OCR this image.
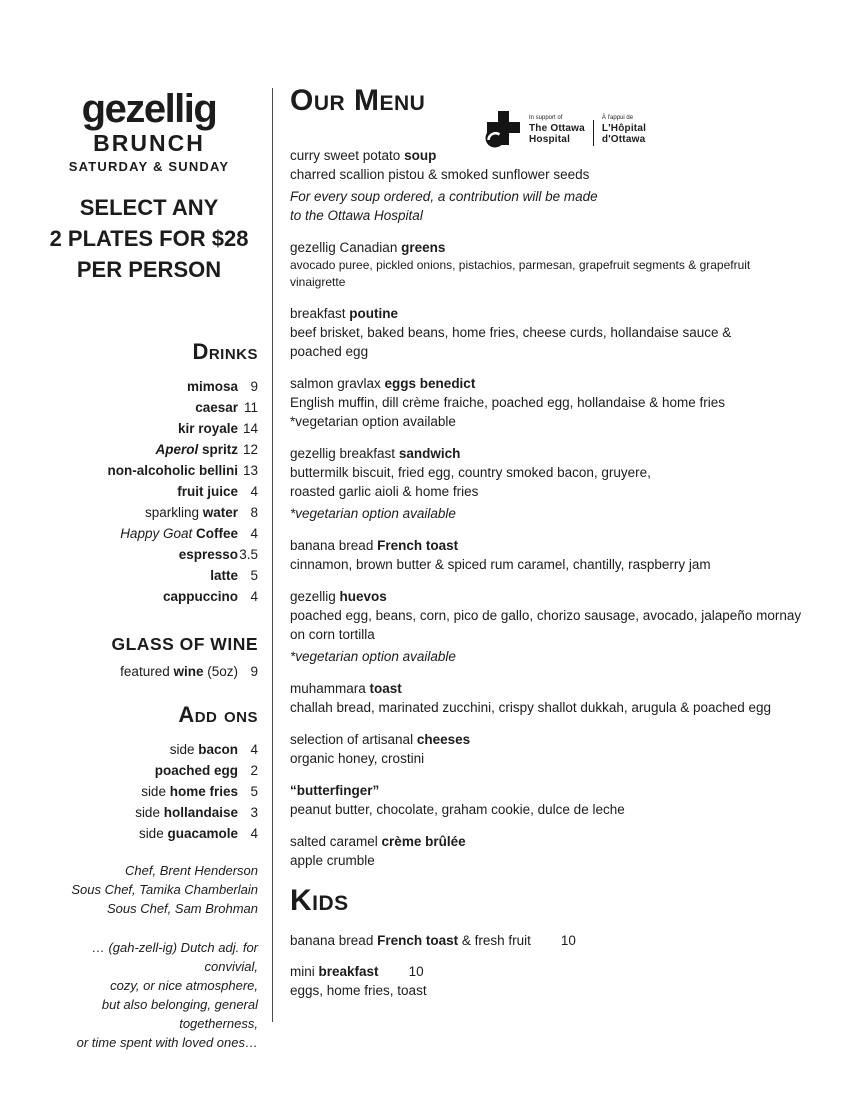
gezellig
BRUNCH
SATURDAY & SUNDAY
SELECT ANY
2 PLATES FOR $28
PER PERSON
Drinks
mimosa 9
caesar 11
kir royale 14
Aperol spritz 12
non-alcoholic bellini 13
fruit juice 4
sparkling water 8
Happy Goat Coffee 4
espresso 3.5
latte 5
cappuccino 4
GLASS OF WINE
featured wine (5oz) 9
Add ons
side bacon 4
poached egg 2
side home fries 5
side hollandaise 3
side guacamole 4
Chef, Brent Henderson
Sous Chef, Tamika Chamberlain
Sous Chef, Sam Brohman
… (gah-zell-ig) Dutch adj. for convivial,
cozy, or nice atmosphere,
but also belonging, general togetherness,
or time spent with loved ones…
Our Menu
In support of
The Ottawa
Hospital
À l'appui de
L'Hôpital
d'Ottawa
curry sweet potato soup
charred scallion pistou & smoked sunflower seeds
For every soup ordered, a contribution will be made
to the Ottawa Hospital
gezellig Canadian greens
avocado puree, pickled onions, pistachios, parmesan, grapefruit segments & grapefruit
vinaigrette
breakfast poutine
beef brisket, baked beans, home fries, cheese curds, hollandaise sauce &
poached egg
salmon gravlax eggs benedict
English muffin, dill crème fraiche, poached egg, hollandaise & home fries
*vegetarian option available
gezellig breakfast sandwich
buttermilk biscuit, fried egg, country smoked bacon, gruyere,
roasted garlic aioli & home fries
*vegetarian option available
banana bread French toast
cinnamon, brown butter & spiced rum caramel, chantilly, raspberry jam
gezellig huevos
poached egg, beans, corn, pico de gallo, chorizo sausage, avocado, jalapeño mornay
on corn tortilla
*vegetarian option available
muhammara toast
challah bread, marinated zucchini, crispy shallot dukkah, arugula & poached egg
selection of artisanal cheeses
organic honey, crostini
“butterfinger”
peanut butter, chocolate, graham cookie, dulce de leche
salted caramel crème brûlée
apple crumble
Kids
banana bread French toast & fresh fruit 10
mini breakfast 10
eggs, home fries, toast
